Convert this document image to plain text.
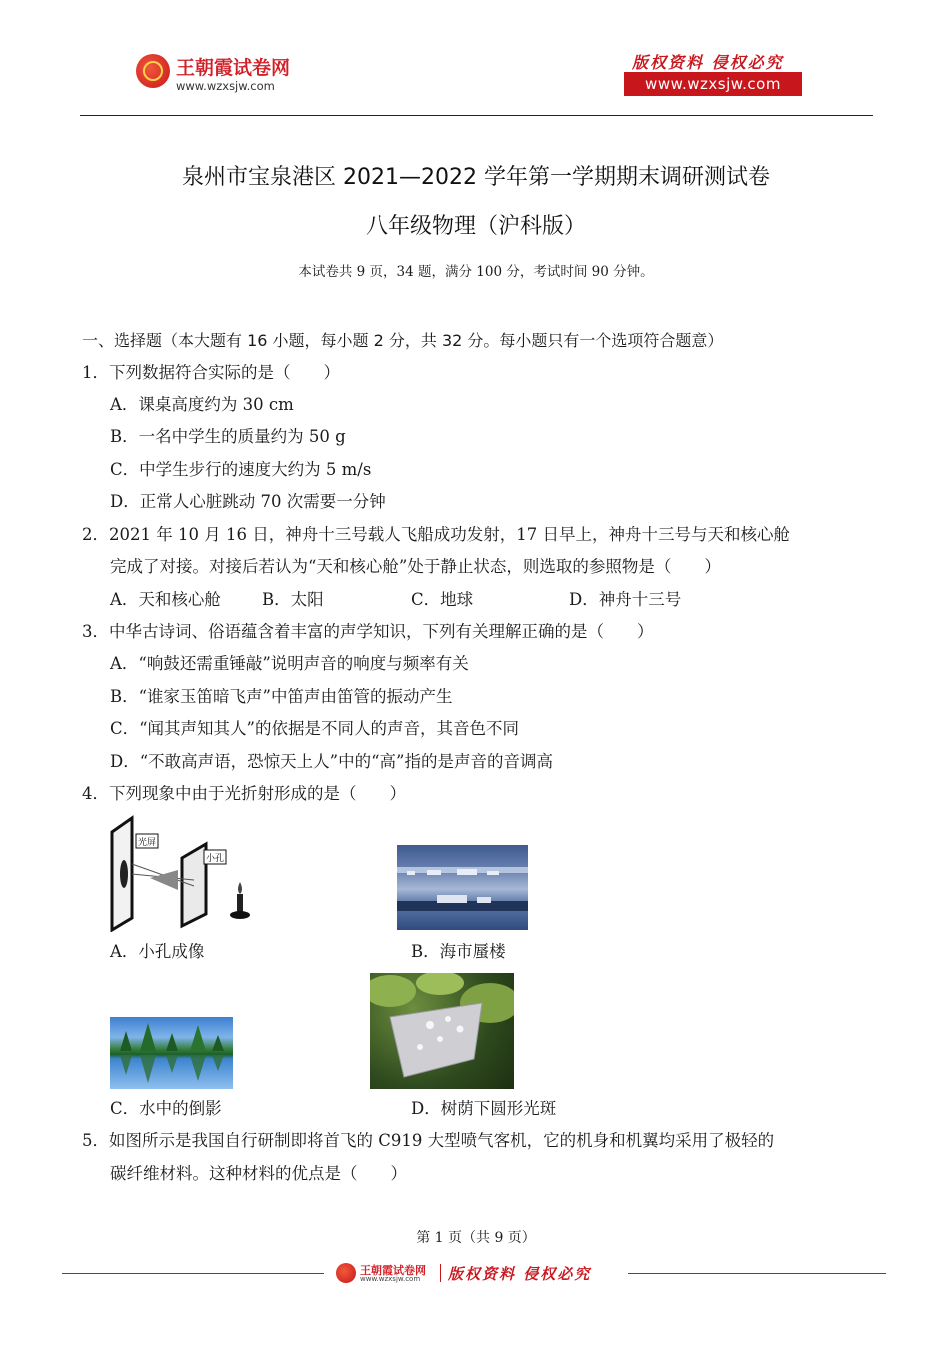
王朝霞试卷网
www.wzxsjw.com
版权资料 侵权必究
www.wzxsjw.com
泉州市宝泉港区 2021—2022 学年第一学期期末调研测试卷
八年级物理（沪科版）
本试卷共 9 页，34 题，满分 100 分，考试时间 90 分钟。
一、选择题（本大题有 16 小题，每小题 2 分，共 32 分。每小题只有一个选项符合题意）
1．下列数据符合实际的是（　　）
A．课桌高度约为 30 cm
B．一名中学生的质量约为 50 g
C．中学生步行的速度大约为 5 m/s
D．正常人心脏跳动 70 次需要一分钟
2．2021 年 10 月 16 日，神舟十三号载人飞船成功发射，17 日早上，神舟十三号与天和核心舱
完成了对接。对接后若认为“天和核心舱”处于静止状态，则选取的参照物是（　　）
A．天和核心舱 B．太阳	C．地球	D．神舟十三号
3．中华古诗词、俗语蕴含着丰富的声学知识，下列有关理解正确的是（　　）
A．“响鼓还需重锤敲”说明声音的响度与频率有关
B．“谁家玉笛暗飞声”中笛声由笛管的振动产生
C．“闻其声知其人”的依据是不同人的声音，其音色不同
D．“不敢高声语，恐惊天上人”中的“高”指的是声音的音调高
4．下列现象中由于光折射形成的是（　　）
光屏
小孔
A．小孔成像	B．海市蜃楼
C．水中的倒影	D．树荫下圆形光斑
5．如图所示是我国自行研制即将首飞的 C919 大型喷气客机，它的机身和机翼均采用了极轻的
碳纤维材料。这种材料的优点是（　　）
第 1 页（共 9 页）
王朝霞试卷网
www.wzxsjw.com 版权资料 侵权必究
